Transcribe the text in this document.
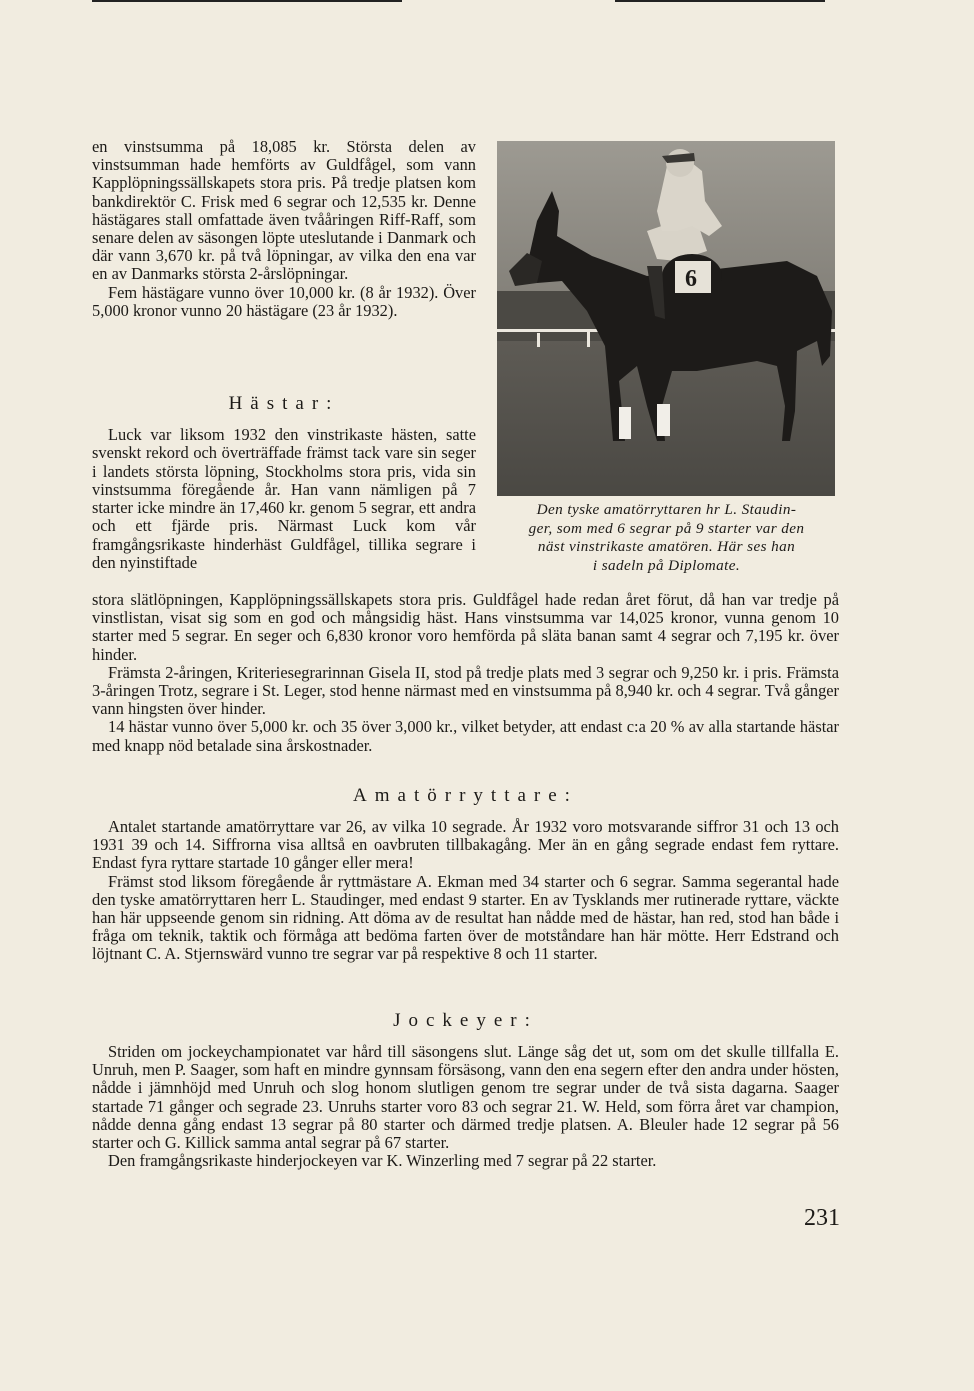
en vinstsumma på 18,085 kr. Största delen av vinstsumman hade hemförts av Guldfågel, som vann Kapplöpningssällskapets stora pris. På tredje platsen kom bankdirektör C. Frisk med 6 segrar och 12,535 kr. Denne hästägares stall omfattade även tvååringen Riff-Raff, som senare delen av säsongen löpte uteslutande i Danmark och där vann 3,670 kr. på två löpningar, av vilka den ena var en av Danmarks största 2-årslöpningar.

Fem hästägare vunno över 10,000 kr. (8 år 1932). Över 5,000 kronor vunno 20 hästägare (23 år 1932).

Hästar:

Luck var liksom 1932 den vinstrikaste hästen, satte svenskt rekord och överträffade främst tack vare sin seger i landets största löpning, Stockholms stora pris, vida sin vinstsumma föregående år. Han vann nämligen på 7 starter icke mindre än 17,460 kr. genom 5 segrar, ett andra och ett fjärde pris. Närmast Luck kom vår framgångsrikaste hinderhäst Guldfågel, tillika segrare i den nyinstiftade

6
Den tyske amatörryttaren hr L. Staudin-
ger, som med 6 segrar på 9 starter var den
näst vinstrikaste amatören. Här ses han
i sadeln på Diplomate.

stora slätlöpningen, Kapplöpningssällskapets stora pris. Guldfågel hade redan året förut, då han var tredje på vinstlistan, visat sig som en god och mångsidig häst. Hans vinstsumma var 14,025 kronor, vunna genom 10 starter med 5 segrar. En seger och 6,830 kronor voro hemförda på släta banan samt 4 segrar och 7,195 kr. över hinder.

Främsta 2-åringen, Kriteriesegrarinnan Gisela II, stod på tredje plats med 3 segrar och 9,250 kr. i pris. Främsta 3-åringen Trotz, segrare i St. Leger, stod henne närmast med en vinstsumma på 8,940 kr. och 4 segrar. Två gånger vann hingsten över hinder.

14 hästar vunno över 5,000 kr. och 35 över 3,000 kr., vilket betyder, att endast c:a 20 % av alla startande hästar med knapp nöd betalade sina årskostnader.

Amatörryttare:

Antalet startande amatörryttare var 26, av vilka 10 segrade. År 1932 voro motsvarande siffror 31 och 13 och 1931 39 och 14. Siffrorna visa alltså en oavbruten tillbakagång. Mer än en gång segrade endast fem ryttare. Endast fyra ryttare startade 10 gånger eller mera!

Främst stod liksom föregående år ryttmästare A. Ekman med 34 starter och 6 segrar. Samma segerantal hade den tyske amatörryttaren herr L. Staudinger, med endast 9 starter. En av Tysklands mer rutinerade ryttare, väckte han här uppseende genom sin ridning. Att döma av de resultat han nådde med de hästar, han red, stod han både i fråga om teknik, taktik och förmåga att bedöma farten över de motståndare han här mötte. Herr Edstrand och löjtnant C. A. Stjernswärd vunno tre segrar var på respektive 8 och 11 starter.

Jockeyer:

Striden om jockeychampionatet var hård till säsongens slut. Länge såg det ut, som om det skulle tillfalla E. Unruh, men P. Saager, som haft en mindre gynnsam försäsong, vann den ena segern efter den andra under hösten, nådde i jämnhöjd med Unruh och slog honom slutligen genom tre segrar under de två sista dagarna. Saager startade 71 gånger och segrade 23. Unruhs starter voro 83 och segrar 21. W. Held, som förra året var champion, nådde denna gång endast 13 segrar på 80 starter och därmed tredje platsen. A. Bleuler hade 12 segrar på 56 starter och G. Killick samma antal segrar på 67 starter.

Den framgångsrikaste hinderjockeyen var K. Winzerling med 7 segrar på 22 starter.

231
